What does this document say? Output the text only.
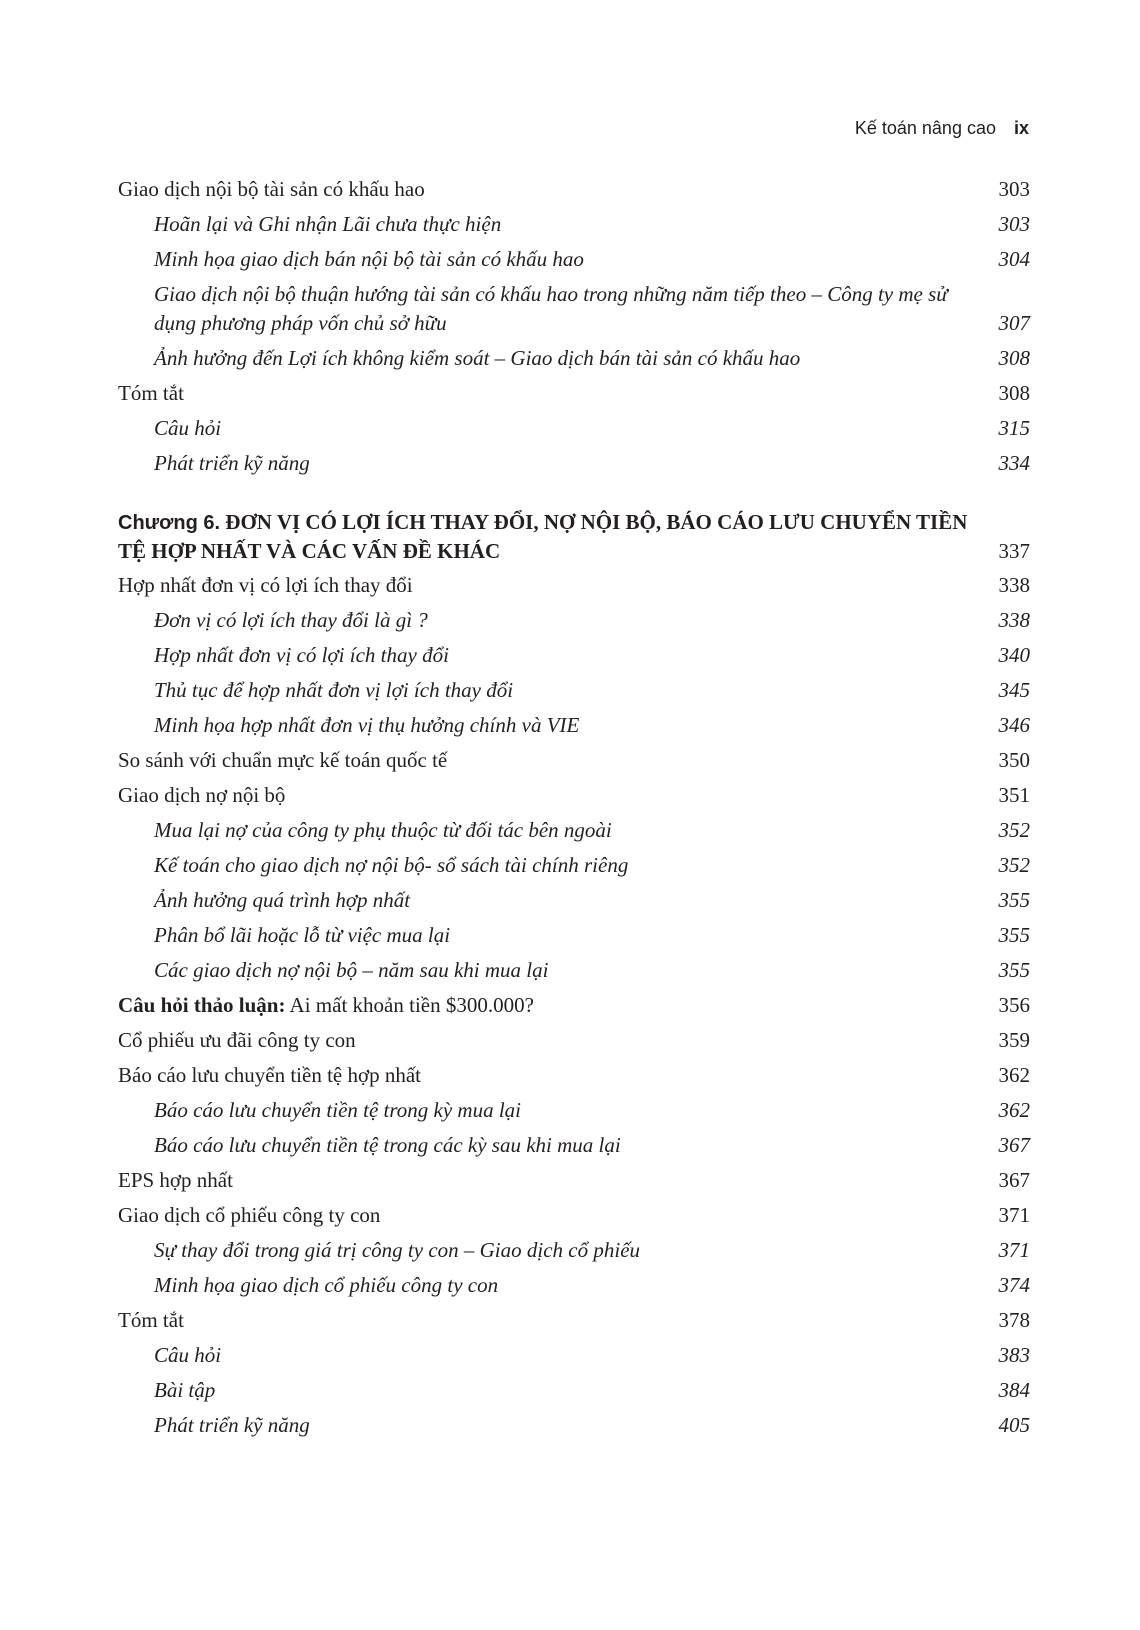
Kế toán nâng cao ix
Giao dịch nội bộ tài sản có khấu hao	303
Hoãn lại và Ghi nhận Lãi chưa thực hiện	303
Minh họa giao dịch bán nội bộ tài sản có khấu hao	304
Giao dịch nội bộ thuận hướng tài sản có khấu hao trong những năm tiếp theo – Công ty mẹ sử dụng phương pháp vốn chủ sở hữu	307
Ảnh hưởng đến Lợi ích không kiểm soát – Giao dịch bán tài sản có khấu hao	308
Tóm tắt	308
Câu hỏi	315
Phát triển kỹ năng	334
Chương 6. ĐƠN VỊ CÓ LỢI ÍCH THAY ĐỔI, NỢ NỘI BỘ, BÁO CÁO LƯU CHUYỂN TIỀN TỆ HỢP NHẤT VÀ CÁC VẤN ĐỀ KHÁC	337
Hợp nhất đơn vị có lợi ích thay đổi	338
Đơn vị có lợi ích thay đổi là gì ?	338
Hợp nhất đơn vị có lợi ích thay đổi	340
Thủ tục để hợp nhất đơn vị lợi ích thay đổi	345
Minh họa hợp nhất đơn vị thụ hưởng chính và VIE	346
So sánh với chuẩn mực kế toán quốc tế	350
Giao dịch nợ nội bộ	351
Mua lại nợ của công ty phụ thuộc từ đối tác bên ngoài	352
Kế toán cho giao dịch nợ nội bộ- sổ sách tài chính riêng	352
Ảnh hưởng quá trình hợp nhất	355
Phân bổ lãi hoặc lỗ từ việc mua lại	355
Các giao dịch nợ nội bộ – năm sau khi mua lại	355
Câu hỏi thảo luận: Ai mất khoản tiền $300.000?	356
Cổ phiếu ưu đãi công ty con	359
Báo cáo lưu chuyển tiền tệ hợp nhất	362
Báo cáo lưu chuyển tiền tệ trong kỳ mua lại	362
Báo cáo lưu chuyển tiền tệ trong các kỳ sau khi mua lại	367
EPS hợp nhất	367
Giao dịch cổ phiếu công ty con	371
Sự thay đổi trong giá trị công ty con – Giao dịch cổ phiếu	371
Minh họa giao dịch cổ phiếu công ty con	374
Tóm tắt	378
Câu hỏi	383
Bài tập	384
Phát triển kỹ năng	405
